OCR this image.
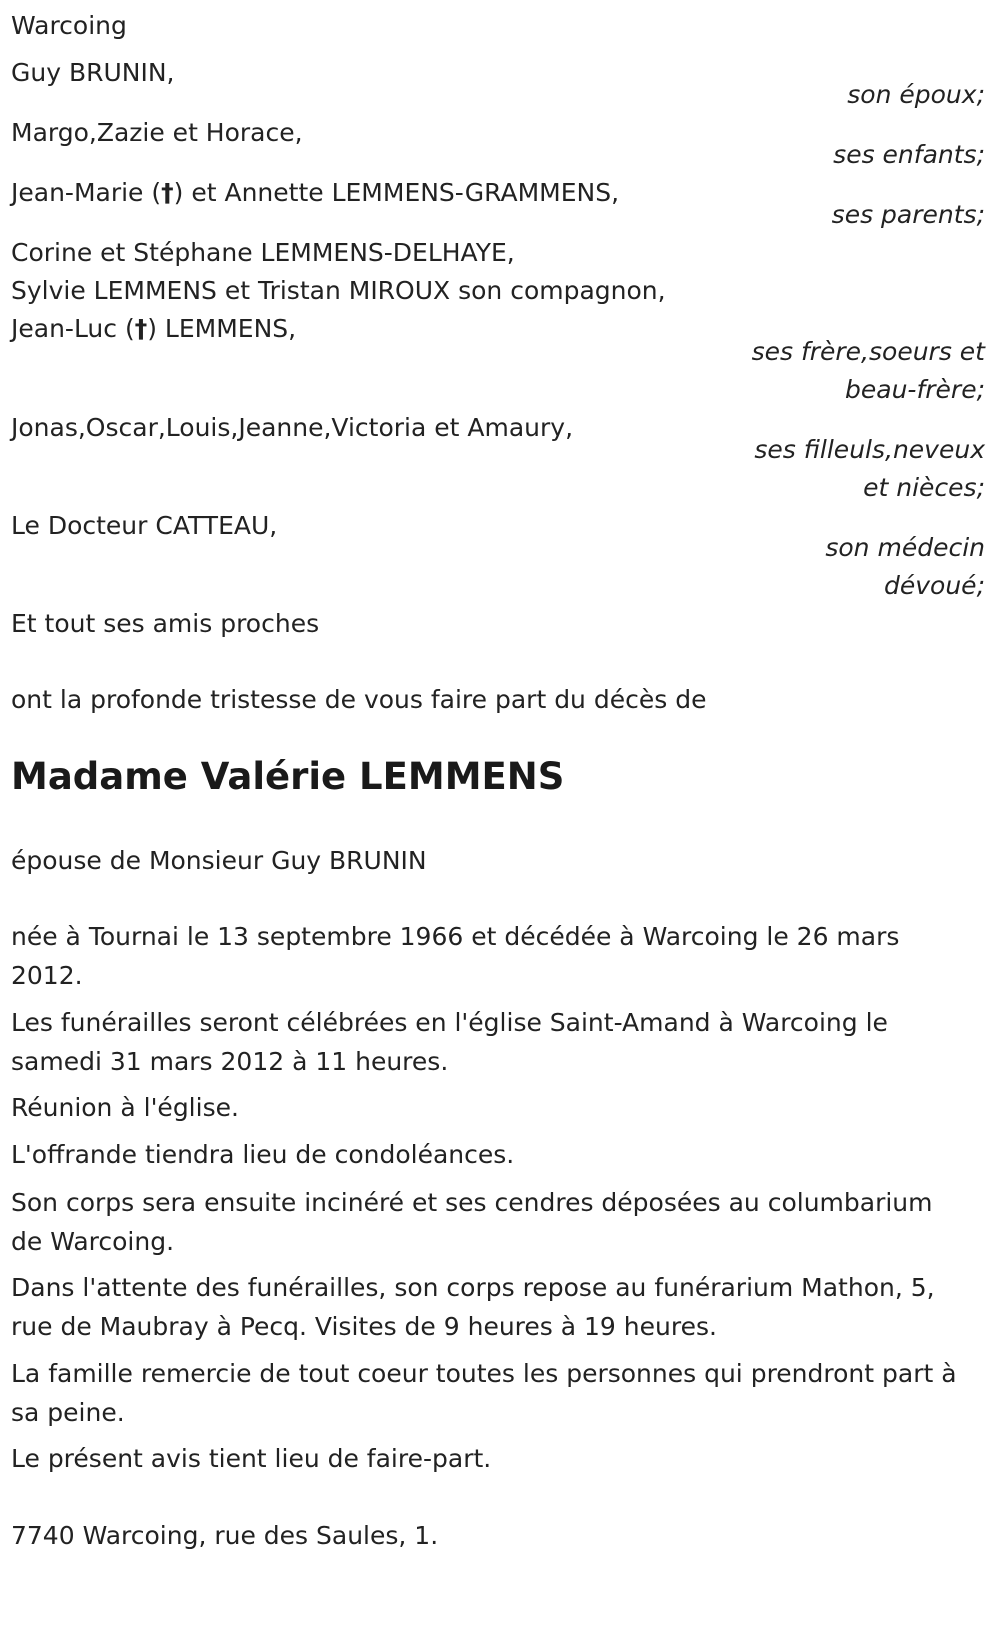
Warcoing
Guy BRUNIN,
son époux;
Margo,Zazie et Horace,
ses enfants;
Jean-Marie (†) et Annette LEMMENS-GRAMMENS,
ses parents;
Corine et Stéphane LEMMENS-DELHAYE,
Sylvie LEMMENS et Tristan MIROUX son compagnon,
Jean-Luc (†) LEMMENS,
ses frère,soeurs et
beau-frère;
Jonas,Oscar,Louis,Jeanne,Victoria et Amaury,
ses filleuls,neveux
et nièces;
Le Docteur CATTEAU,
son médecin
dévoué;
Et tout ses amis proches
ont la profonde tristesse de vous faire part du décès de
Madame Valérie LEMMENS
épouse de Monsieur Guy BRUNIN
née à Tournai le 13 septembre 1966 et décédée à Warcoing le 26 mars 2012.
Les funérailles seront célébrées en l'église Saint-Amand à Warcoing le samedi 31 mars 2012 à 11 heures.
Réunion à l'église.
L'offrande tiendra lieu de condoléances.
Son corps sera ensuite incinéré et ses cendres déposées au columbarium de Warcoing.
Dans l'attente des funérailles, son corps repose au funérarium Mathon, 5, rue de Maubray à Pecq. Visites de 9 heures à 19 heures.
La famille remercie de tout coeur toutes les personnes qui prendront part à sa peine.
Le présent avis tient lieu de faire-part.
7740 Warcoing, rue des Saules, 1.
